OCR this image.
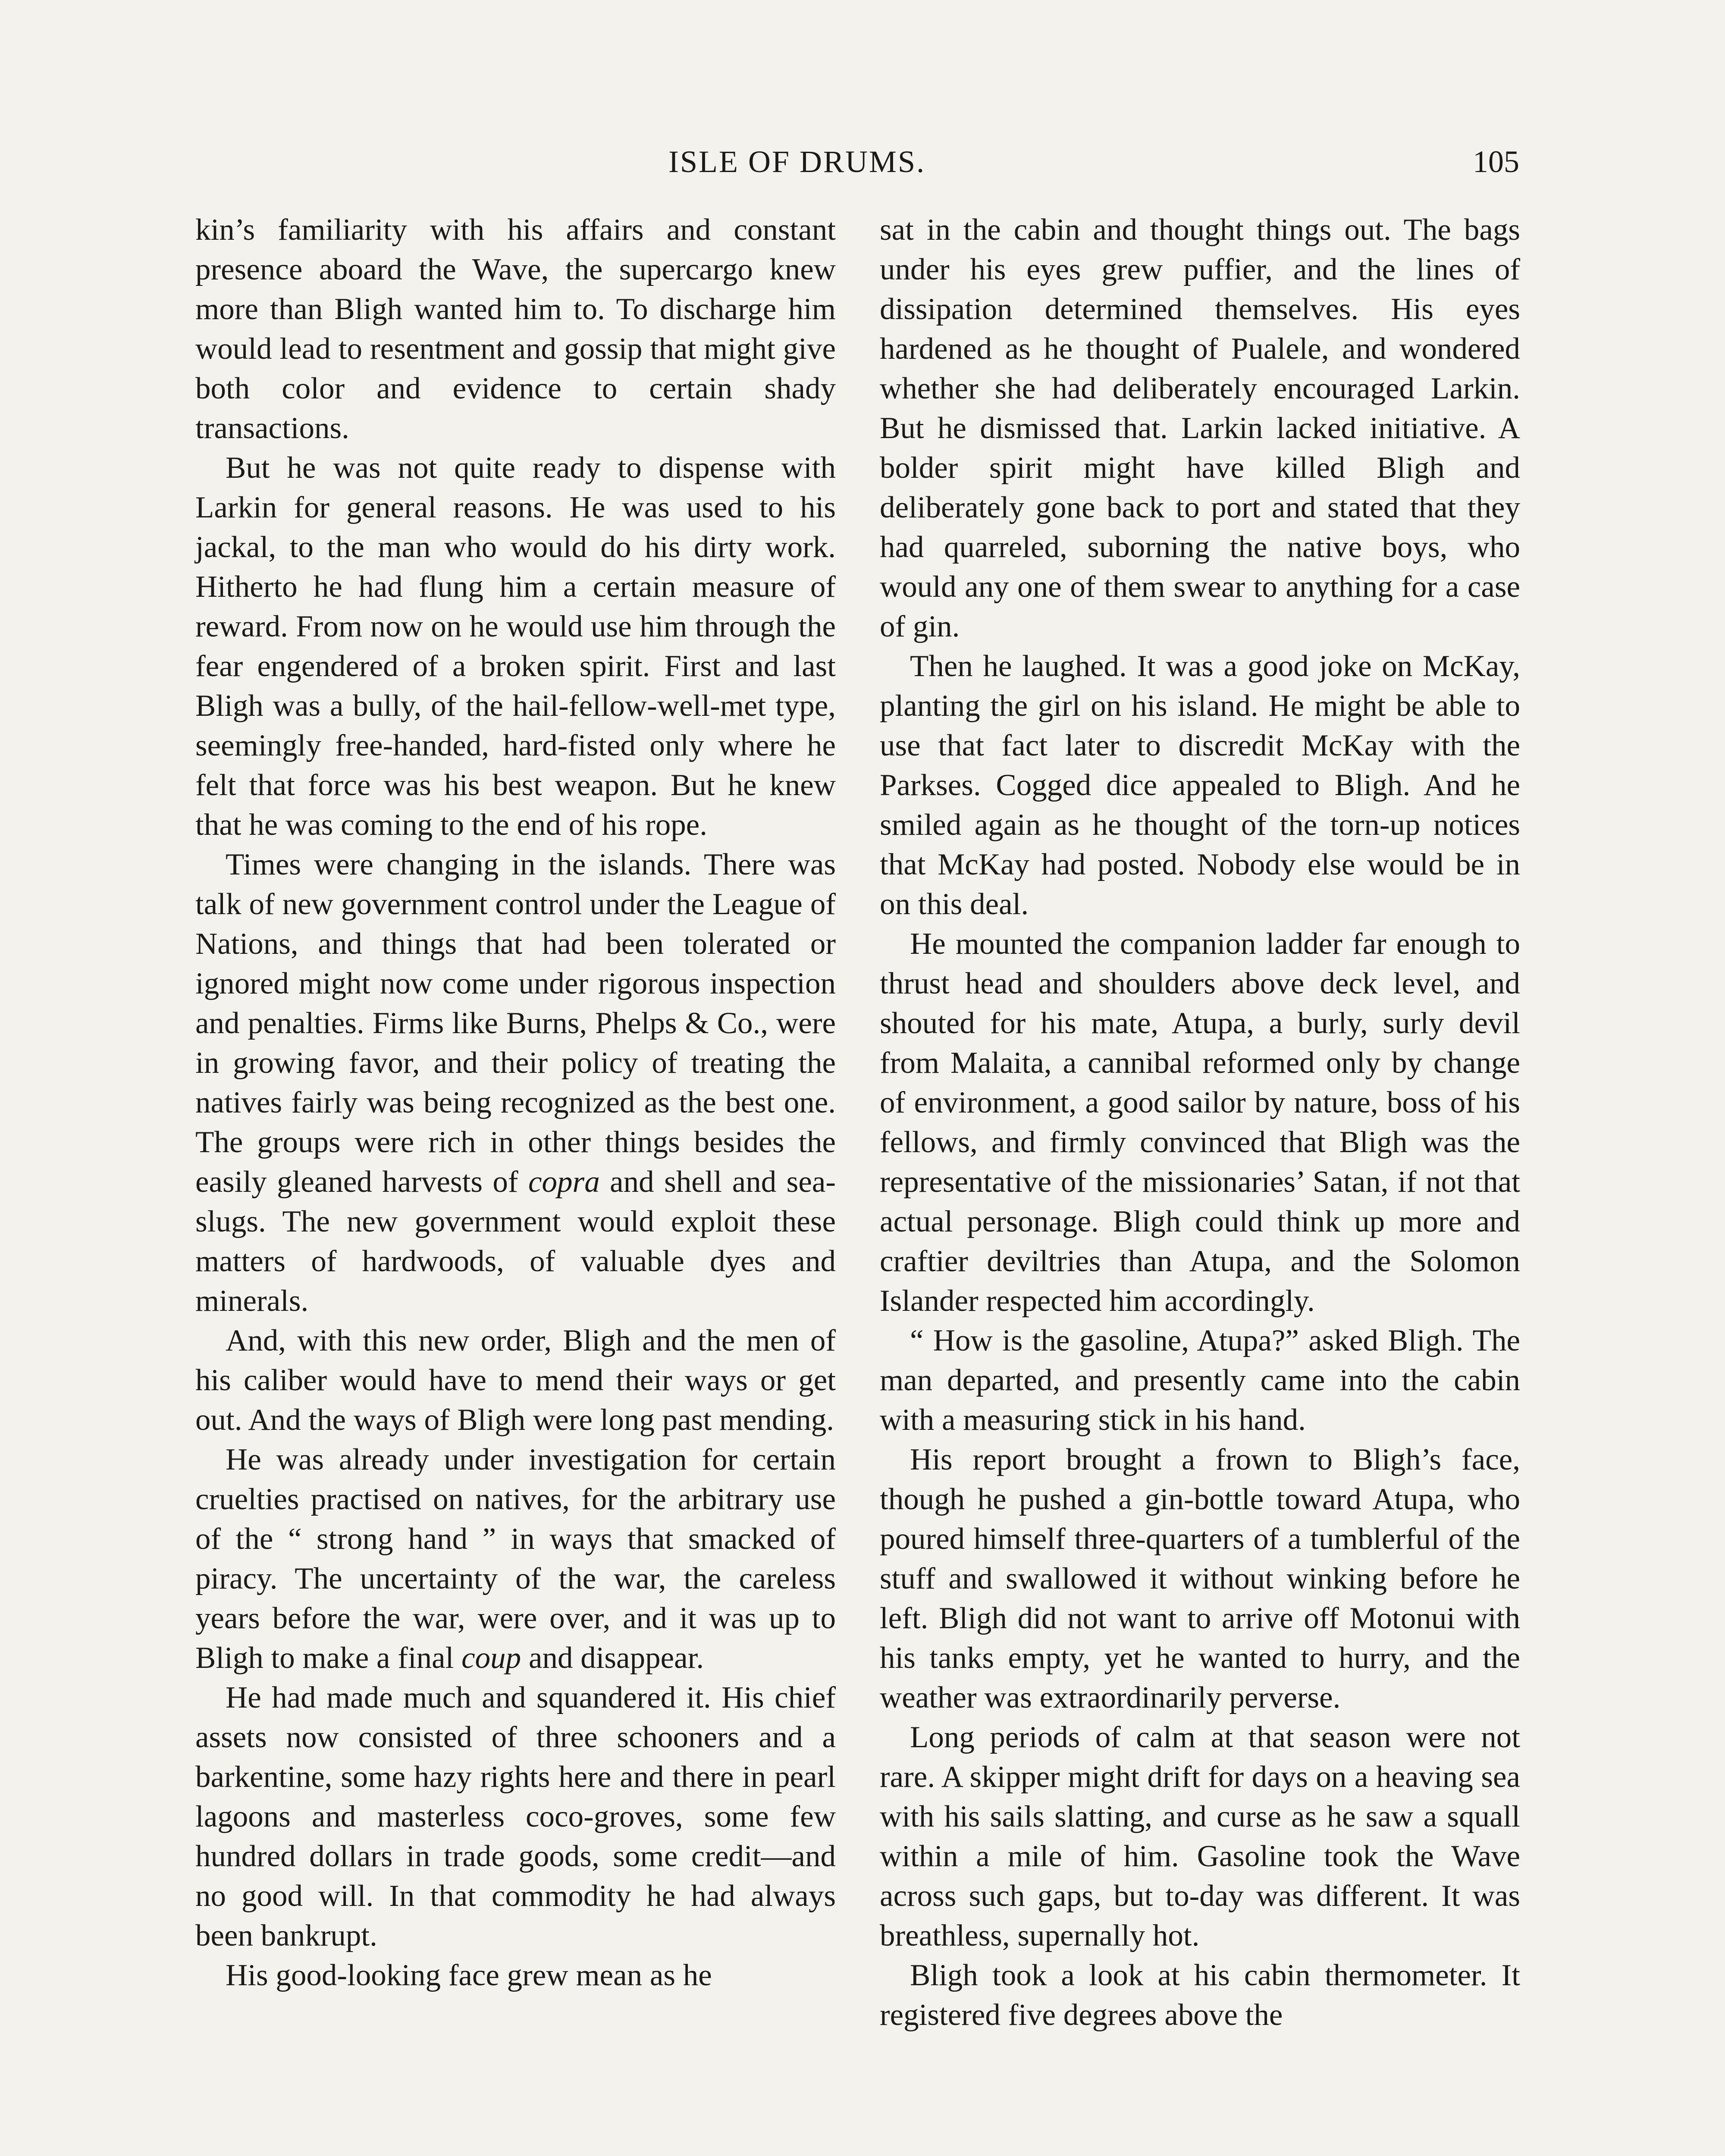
ISLE OF DRUMS.	105

kin’s familiarity with his affairs and constant presence aboard the Wave, the supercargo knew more than Bligh wanted him to. To discharge him would lead to resentment and gossip that might give both color and evidence to certain shady transactions.

But he was not quite ready to dispense with Larkin for general reasons. He was used to his jackal, to the man who would do his dirty work. Hitherto he had flung him a certain measure of reward. From now on he would use him through the fear engendered of a broken spirit. First and last Bligh was a bully, of the hail-fellow-well-met type, seemingly free-handed, hard-fisted only where he felt that force was his best weapon. But he knew that he was coming to the end of his rope.

Times were changing in the islands. There was talk of new government control under the League of Nations, and things that had been tolerated or ignored might now come under rigorous inspection and penalties. Firms like Burns, Phelps & Co., were in growing favor, and their policy of treating the natives fairly was being recognized as the best one. The groups were rich in other things besides the easily gleaned harvests of copra and shell and sea-slugs. The new government would exploit these matters of hardwoods, of valuable dyes and minerals.

And, with this new order, Bligh and the men of his caliber would have to mend their ways or get out. And the ways of Bligh were long past mending.

He was already under investigation for certain cruelties practised on natives, for the arbitrary use of the “ strong hand ” in ways that smacked of piracy. The uncertainty of the war, the careless years before the war, were over, and it was up to Bligh to make a final coup and disappear.

He had made much and squandered it. His chief assets now consisted of three schooners and a barkentine, some hazy rights here and there in pearl lagoons and masterless coco-groves, some few hundred dollars in trade goods, some credit—and no good will. In that commodity he had always been bankrupt.

His good-looking face grew mean as he

sat in the cabin and thought things out. The bags under his eyes grew puffier, and the lines of dissipation determined themselves. His eyes hardened as he thought of Pualele, and wondered whether she had deliberately encouraged Larkin. But he dismissed that. Larkin lacked initiative. A bolder spirit might have killed Bligh and deliberately gone back to port and stated that they had quarreled, suborning the native boys, who would any one of them swear to anything for a case of gin.

Then he laughed. It was a good joke on McKay, planting the girl on his island. He might be able to use that fact later to discredit McKay with the Parkses. Cogged dice appealed to Bligh. And he smiled again as he thought of the torn-up notices that McKay had posted. Nobody else would be in on this deal.

He mounted the companion ladder far enough to thrust head and shoulders above deck level, and shouted for his mate, Atupa, a burly, surly devil from Malaita, a cannibal reformed only by change of environment, a good sailor by nature, boss of his fellows, and firmly convinced that Bligh was the representative of the missionaries’ Satan, if not that actual personage. Bligh could think up more and craftier deviltries than Atupa, and the Solomon Islander respected him accordingly.

“ How is the gasoline, Atupa?” asked Bligh. The man departed, and presently came into the cabin with a measuring stick in his hand.

His report brought a frown to Bligh’s face, though he pushed a gin-bottle toward Atupa, who poured himself three-quarters of a tumblerful of the stuff and swallowed it without winking before he left. Bligh did not want to arrive off Motonui with his tanks empty, yet he wanted to hurry, and the weather was extraordinarily perverse.

Long periods of calm at that season were not rare. A skipper might drift for days on a heaving sea with his sails slatting, and curse as he saw a squall within a mile of him. Gasoline took the Wave across such gaps, but to-day was different. It was breathless, supernally hot.

Bligh took a look at his cabin thermometer. It registered five degrees above the
